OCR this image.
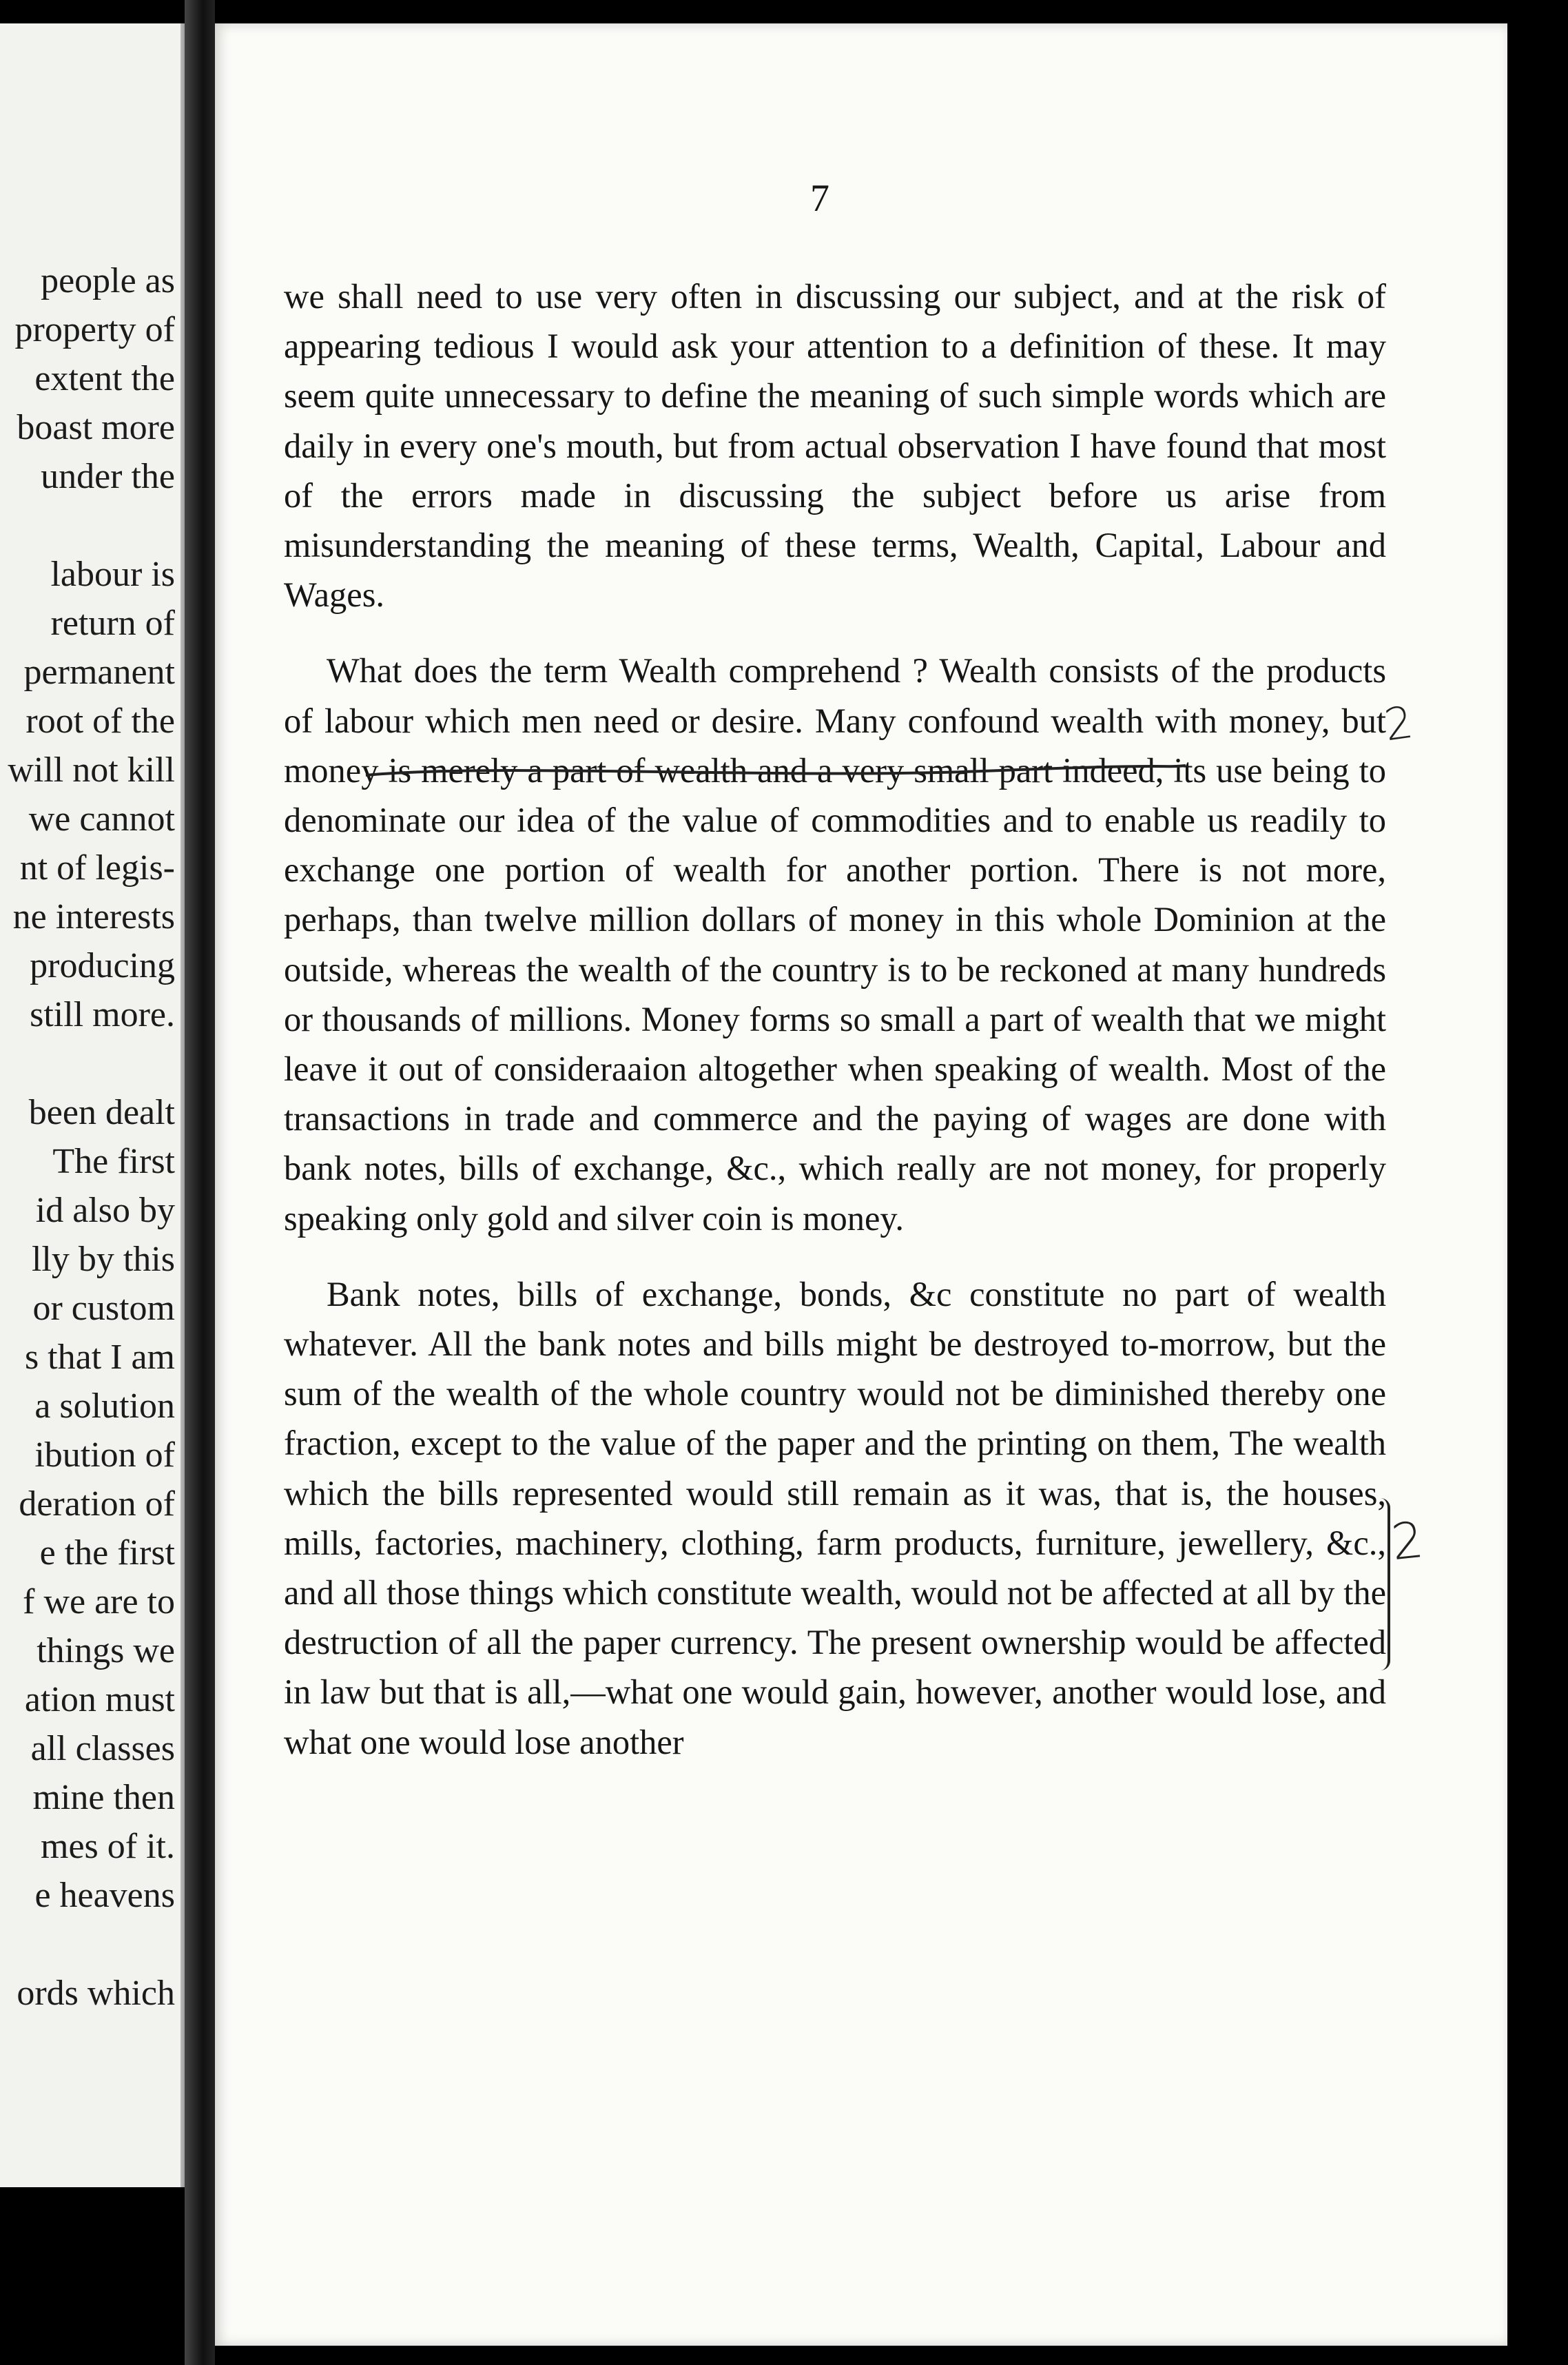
people as
property of
extent the
boast more
under the
labour is
return of
permanent
root of the
will not kill
we cannot
nt of legis-
ne interests
producing
still more.
been dealt
The first
id also by
lly by this
or custom
s that I am
a solution
ibution of
deration of
e the first
f we are to
things we
ation must
all classes
mine then
mes of it.
e heavens
ords which
7

we shall need to use very often in discussing our subject, and at the risk of appearing tedious I would ask your attention to a definition of these. It may seem quite unnecessary to define the meaning of such simple words which are daily in every one's mouth, but from actual observation I have found that most of the errors made in discussing the subject before us arise from misunderstanding the meaning of these terms, Wealth, Capital, Labour and Wages.

What does the term Wealth comprehend ? Wealth consists of the products of labour which men need or desire. Many confound wealth with money, but money is merely a part of wealth and a very small part indeed, its use being to denominate our idea of the value of commodities and to enable us readily to exchange one portion of wealth for another portion. There is not more, perhaps, than twelve million dollars of money in this whole Dominion at the outside, whereas the wealth of the country is to be reckoned at many hundreds or thousands of millions. Money forms so small a part of wealth that we might leave it out of consideraaion altogether when speaking of wealth. Most of the transactions in trade and commerce and the paying of wages are done with bank notes, bills of exchange, &c., which really are not money, for properly speaking only gold and silver coin is money.

Bank notes, bills of exchange, bonds, &c constitute no part of wealth whatever. All the bank notes and bills might be destroyed to-morrow, but the sum of the wealth of the whole country would not be diminished thereby one fraction, except to the value of the paper and the printing on them, The wealth which the bills represented would still remain as it was, that is, the houses, mills, factories, machinery, clothing, farm products, furniture, jewellery, &c., and all those things which constitute wealth, would not be affected at all by the destruction of all the paper currency. The present ownership would be affected in law but that is all,—what one would gain, however, another would lose, and what one would lose another

2
2
